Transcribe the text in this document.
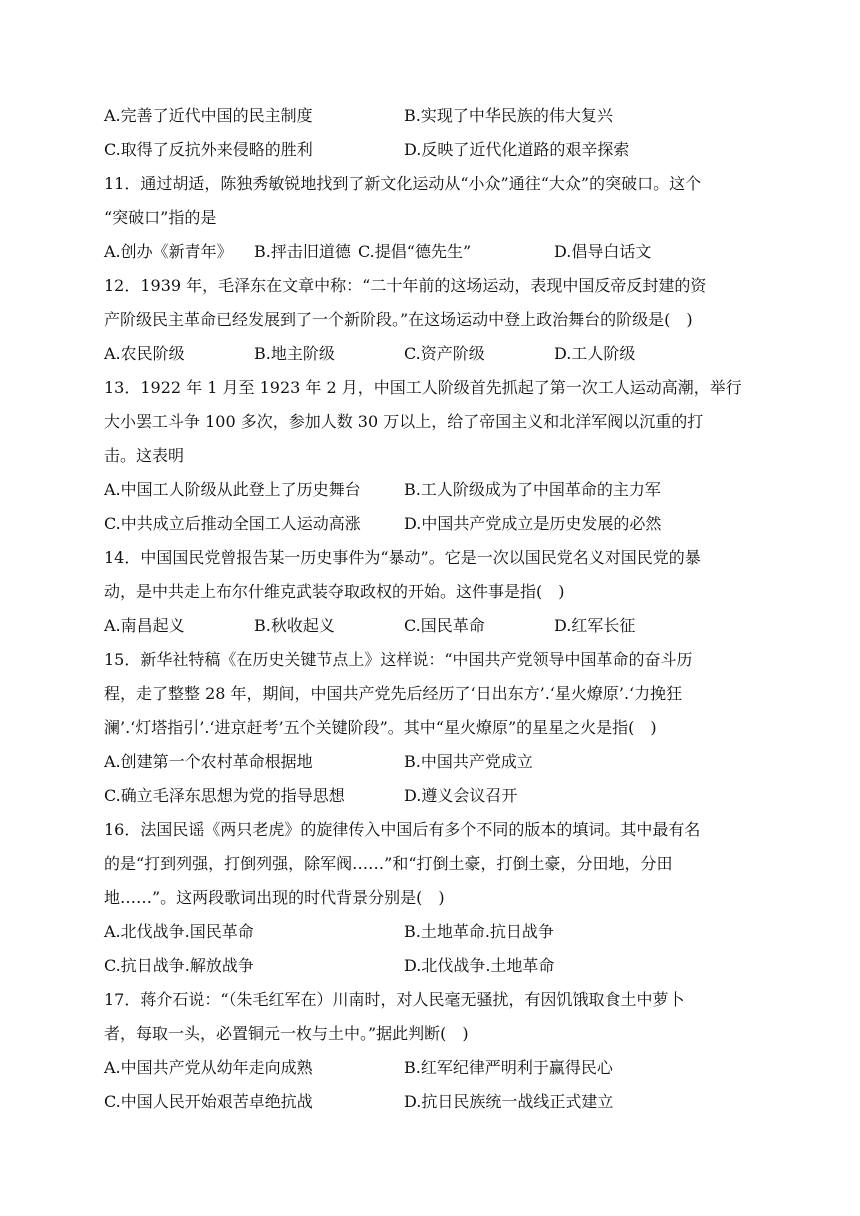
A.完善了近代中国的民主制度	B.实现了中华民族的伟大复兴
C.取得了反抗外来侵略的胜利	D.反映了近代化道路的艰辛探索
11．通过胡适，陈独秀敏锐地找到了新文化运动从“小众”通往“大众”的突破口。这个
“突破口”指的是
A.创办《新青年》 B.抨击旧道德 C.提倡“德先生”	D.倡导白话文
12．1939 年，毛泽东在文章中称：“二十年前的这场运动，表现中国反帝反封建的资
产阶级民主革命已经发展到了一个新阶段。”在这场运动中登上政治舞台的阶级是(　)
A.农民阶级	B.地主阶级	C.资产阶级	D.工人阶级
13．1922 年 1 月至 1923 年 2 月，中国工人阶级首先抓起了第一次工人运动高潮，举行
大小罢工斗争 100 多次，参加人数 30 万以上，给了帝国主义和北洋军阀以沉重的打
击。这表明
A.中国工人阶级从此登上了历史舞台	B.工人阶级成为了中国革命的主力军
C.中共成立后推动全国工人运动高涨	D.中国共产党成立是历史发展的必然
14．中国国民党曾报告某一历史事件为“暴动”。它是一次以国民党名义对国民党的暴
动，是中共走上布尔什维克武装夺取政权的开始。这件事是指(　)
A.南昌起义	B.秋收起义	C.国民革命	D.红军长征
15．新华社特稿《在历史关键节点上》这样说：“中国共产党领导中国革命的奋斗历
程，走了整整 28 年，期间，中国共产党先后经历了‘日出东方’.‘星火燎原’.‘力挽狂
澜’.‘灯塔指引’.‘进京赶考’五个关键阶段”。其中“星火燎原”的星星之火是指(　)
A.创建第一个农村革命根据地	B.中国共产党成立
C.确立毛泽东思想为党的指导思想	D.遵义会议召开
16．法国民谣《两只老虎》的旋律传入中国后有多个不同的版本的填词。其中最有名
的是“打到列强，打倒列强，除军阀……”和“打倒土豪，打倒土豪，分田地，分田
地……”。这两段歌词出现的时代背景分别是(　)
A.北伐战争.国民革命	B.土地革命.抗日战争
C.抗日战争.解放战争	D.北伐战争.土地革命
17．蒋介石说：“（朱毛红军在）川南时，对人民毫无骚扰，有因饥饿取食土中萝卜
者，每取一头，必置铜元一枚与土中。”据此判断(　)
A.中国共产党从幼年走向成熟	B.红军纪律严明利于赢得民心
C.中国人民开始艰苦卓绝抗战	D.抗日民族统一战线正式建立
